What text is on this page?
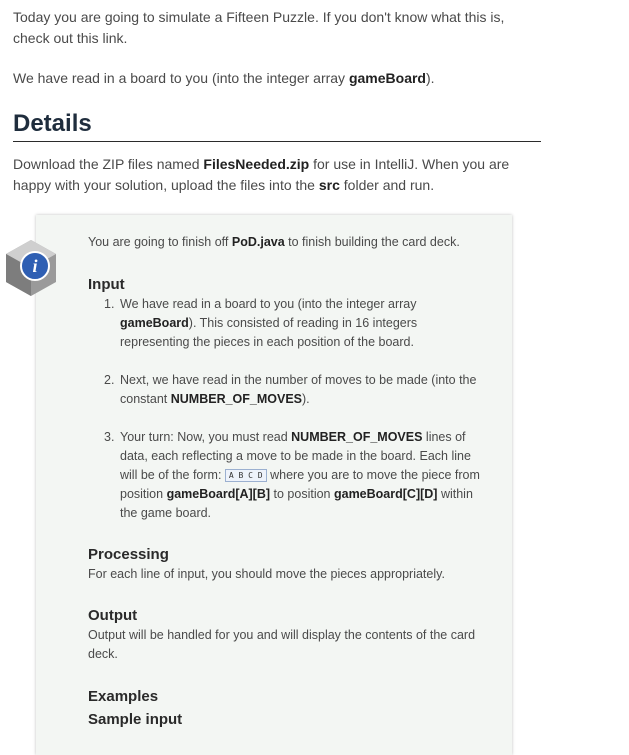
Today you are going to simulate a Fifteen Puzzle. If you don't know what this is, check out this link.

We have read in a board to you (into the integer array gameBoard).

Details

Download the ZIP files named FilesNeeded.zip for use in IntelliJ. When you are happy with your solution, upload the files into the src folder and run.

i

You are going to finish off PoD.java to finish building the card deck.

Input
1. We have read in a board to you (into the integer array gameBoard). This consisted of reading in 16 integers representing the pieces in each position of the board.
2. Next, we have read in the number of moves to be made (into the constant NUMBER_OF_MOVES).
3. Your turn: Now, you must read NUMBER_OF_MOVES lines of data, each reflecting a move to be made in the board. Each line will be of the form: A B C D where you are to move the piece from position gameBoard[A][B] to position gameBoard[C][D] within the game board.
Processing

For each line of input, you should move the pieces appropriately.

Output

Output will be handled for you and will display the contents of the card deck.

Examples
Sample input
